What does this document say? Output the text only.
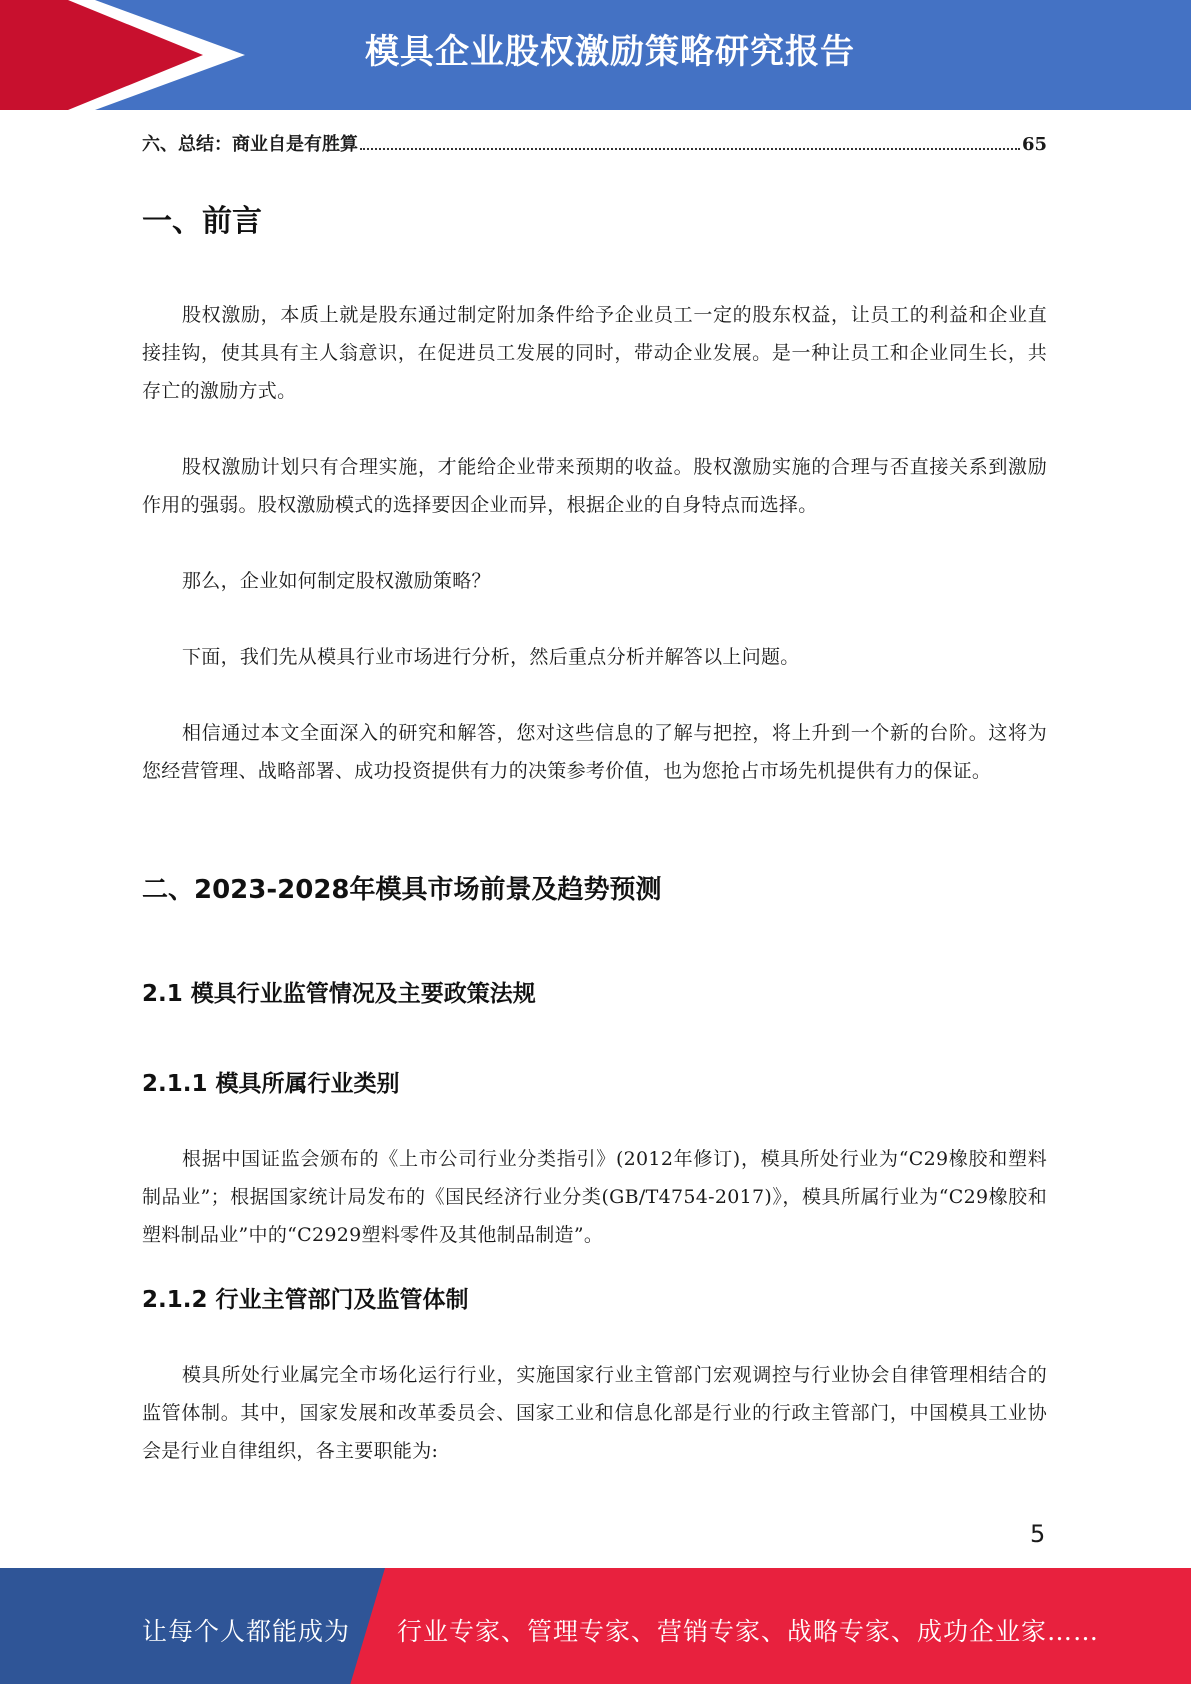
模具企业股权激励策略研究报告
六、总结：商业自是有胜算	65
一、前言

股权激励，本质上就是股东通过制定附加条件给予企业员工一定的股东权益，让员工的利益和企业直接挂钩，使其具有主人翁意识，在促进员工发展的同时，带动企业发展。是一种让员工和企业同生长，共存亡的激励方式。

股权激励计划只有合理实施，才能给企业带来预期的收益。股权激励实施的合理与否直接关系到激励作用的强弱。股权激励模式的选择要因企业而异，根据企业的自身特点而选择。

那么，企业如何制定股权激励策略？

下面，我们先从模具行业市场进行分析，然后重点分析并解答以上问题。

相信通过本文全面深入的研究和解答，您对这些信息的了解与把控，将上升到一个新的台阶。这将为您经营管理、战略部署、成功投资提供有力的决策参考价值，也为您抢占市场先机提供有力的保证。

二、2023-2028年模具市场前景及趋势预测
2.1 模具行业监管情况及主要政策法规
2.1.1 模具所属行业类别

根据中国证监会颁布的《上市公司行业分类指引》(2012年修订)，模具所处行业为“C29橡胶和塑料制品业”；根据国家统计局发布的《国民经济行业分类(GB/T4754-2017)》，模具所属行业为“C29橡胶和塑料制品业”中的“C2929塑料零件及其他制品制造”。

2.1.2 行业主管部门及监管体制

模具所处行业属完全市场化运行行业，实施国家行业主管部门宏观调控与行业协会自律管理相结合的监管体制。其中，国家发展和改革委员会、国家工业和信息化部是行业的行政主管部门，中国模具工业协会是行业自律组织，各主要职能为:

5
让每个人都能成为 行业专家、管理专家、营销专家、战略专家、成功企业家……
